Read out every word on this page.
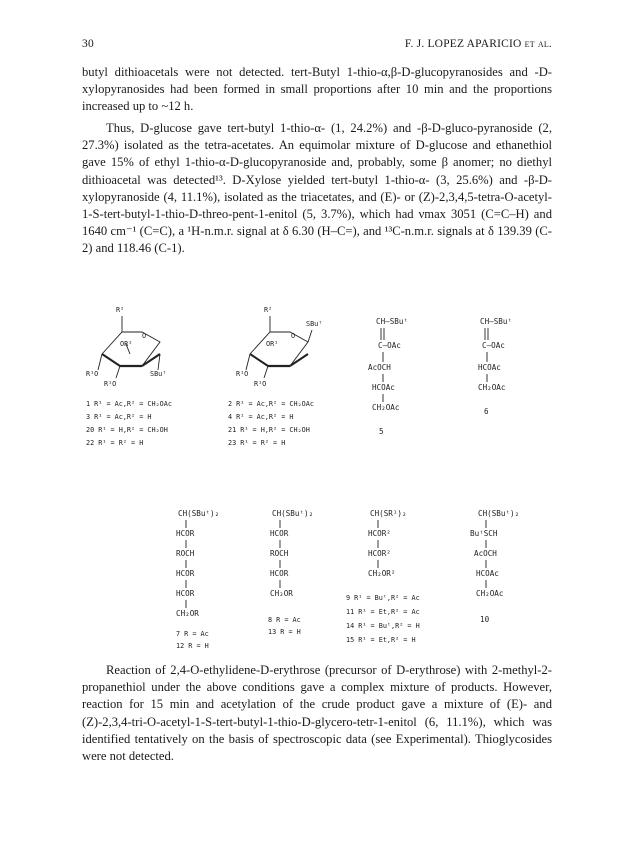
30	F. J. LOPEZ APARICIO et al.

butyl dithioacetals were not detected. tert-Butyl 1-thio-α,β-D-glucopyranosides and -D-xylopyranosides had been formed in small proportions after 10 min and the proportions increased up to ~12 h.

Thus, D-glucose gave tert-butyl 1-thio-α- (1, 24.2%) and -β-D-gluco-pyranoside (2, 27.3%) isolated as the tetra-acetates. An equimolar mixture of D-glucose and ethanethiol gave 15% of ethyl 1-thio-α-D-glucopyranoside and, probably, some β anomer; no diethyl dithioacetal was detected¹³. D-Xylose yielded tert-butyl 1-thio-α- (3, 25.6%) and -β-D-xylopyranoside (4, 11.1%), isolated as the triacetates, and (E)- or (Z)-2,3,4,5-tetra-O-acetyl-1-S-tert-butyl-1-thio-D-threo-pent-1-enitol (5, 3.7%), which had νmax 3051 (C=C–H) and 1640 cm⁻¹ (C=C), a ¹H-n.m.r. signal at δ 6.30 (H–C=), and ¹³C-n.m.r. signals at δ 139.39 (C-2) and 118.46 (C-1).

R²
O
OR¹
R¹O
R¹O
SBuᵗ
1 R¹ = Ac,R² = CH₂OAc
3 R¹ = Ac,R² = H
20 R¹ = H,R² = CH₂OH
22 R¹ = R² = H
R²
O
SBuᵗ
OR¹
R¹O
R¹O
2 R¹ = Ac,R² = CH₂OAc
4 R¹ = Ac,R² = H
21 R¹ = H,R² = CH₂OH
23 R¹ = R² = H
CH—SBuᵗ
C—OAc
AcOCH
HCOAc
CH₂OAc
5
CH—SBuᵗ
C—OAc
HCOAc
CH₂OAc
6
CH(SBuᵗ)₂
HCOR
ROCH
HCOR
HCOR
CH₂OR
7 R = Ac
12 R = H
CH(SBuᵗ)₂
HCOR
ROCH
HCOR
CH₂OR
8 R = Ac
13 R = H
CH(SR¹)₂
HCOR²
HCOR²
CH₂OR²
9 R¹ = Buᵗ,R² = Ac
11 R¹ = Et,R² = Ac
14 R¹ = Buᵗ,R² = H
15 R¹ = Et,R² = H
CH(SBuᵗ)₂
BuᵗSCH
AcOCH
HCOAc
CH₂OAc
10

Reaction of 2,4-O-ethylidene-D-erythrose (precursor of D-erythrose) with 2-methyl-2-propanethiol under the above conditions gave a complex mixture of products. However, reaction for 15 min and acetylation of the crude product gave a mixture of (E)- and (Z)-2,3,4-tri-O-acetyl-1-S-tert-butyl-1-thio-D-glycero-tetr-1-enitol (6, 11.1%), which was identified tentatively on the basis of spectroscopic data (see Experimental). Thioglycosides were not detected.
